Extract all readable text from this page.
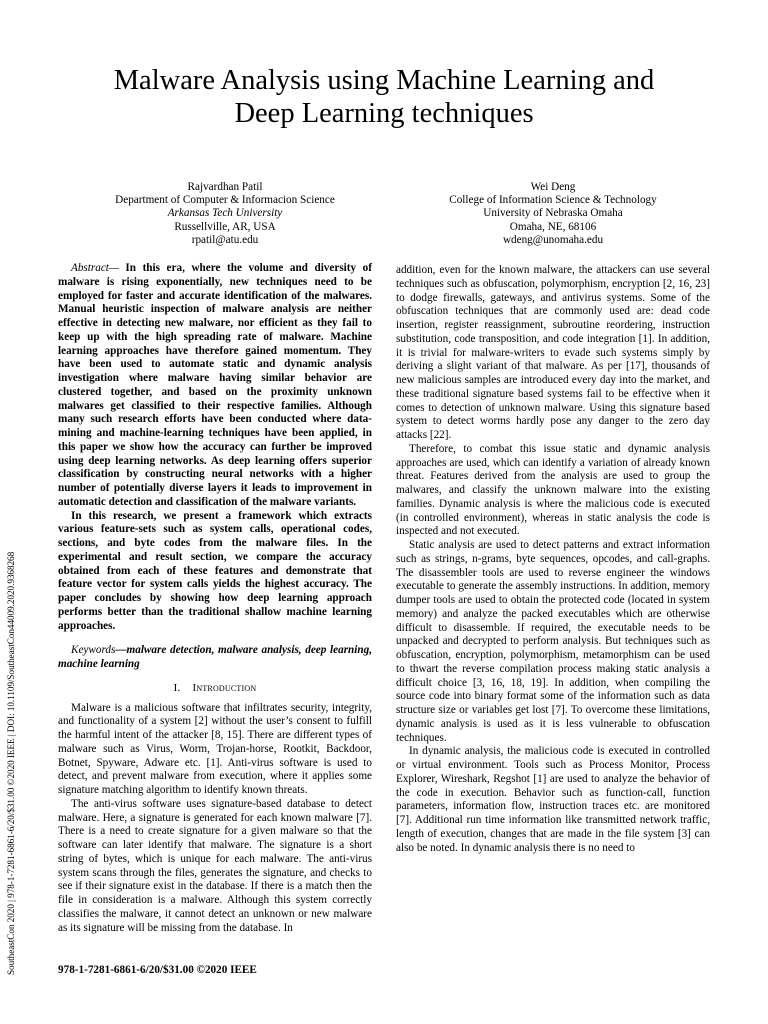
Malware Analysis using Machine Learning and
Deep Learning techniques
Rajvardhan Patil
Department of Computer & Informacion Science
Arkansas Tech University
Russellville, AR, USA
rpatil@atu.edu
Wei Deng
College of Information Science & Technology
University of Nebraska Omaha
Omaha, NE, 68106
wdeng@unomaha.edu
SoutheastCon 2020 | 978-1-7281-6861-6/20/$31.00 ©2020 IEEE | DOI: 10.1109/SoutheastCon44009.2020.9368268

Abstract— In this era, where the volume and diversity of malware is rising exponentially, new techniques need to be employed for faster and accurate identification of the malwares. Manual heuristic inspection of malware analysis are neither effective in detecting new malware, nor efficient as they fail to keep up with the high spreading rate of malware. Machine learning approaches have therefore gained momentum. They have been used to automate static and dynamic analysis investigation where malware having similar behavior are clustered together, and based on the proximity unknown malwares get classified to their respective families. Although many such research efforts have been conducted where data-mining and machine-learning techniques have been applied, in this paper we show how the accuracy can further be improved using deep learning networks. As deep learning offers superior classification by constructing neural networks with a higher number of potentially diverse layers it leads to improvement in automatic detection and classification of the malware variants.

In this research, we present a framework which extracts various feature-sets such as system calls, operational codes, sections, and byte codes from the malware files. In the experimental and result section, we compare the accuracy obtained from each of these features and demonstrate that feature vector for system calls yields the highest accuracy. The paper concludes by showing how deep learning approach performs better than the traditional shallow machine learning approaches.

Keywords—malware detection, malware analysis, deep learning, machine learning

I. Introduction

Malware is a malicious software that infiltrates security, integrity, and functionality of a system [2] without the user’s consent to fulfill the harmful intent of the attacker [8, 15]. There are different types of malware such as Virus, Worm, Trojan-horse, Rootkit, Backdoor, Botnet, Spyware, Adware etc. [1]. Anti-virus software is used to detect, and prevent malware from execution, where it applies some signature matching algorithm to identify known threats.

The anti-virus software uses signature-based database to detect malware. Here, a signature is generated for each known malware [7]. There is a need to create signature for a given malware so that the software can later identify that malware. The signature is a short string of bytes, which is unique for each malware. The anti-virus system scans through the files, generates the signature, and checks to see if their signature exist in the database. If there is a match then the file in consideration is a malware. Although this system correctly classifies the malware, it cannot detect an unknown or new malware as its signature will be missing from the database. In

addition, even for the known malware, the attackers can use several techniques such as obfuscation, polymorphism, encryption [2, 16, 23] to dodge firewalls, gateways, and antivirus systems. Some of the obfuscation techniques that are commonly used are: dead code insertion, register reassignment, subroutine reordering, instruction substitution, code transposition, and code integration [1]. In addition, it is trivial for malware-writers to evade such systems simply by deriving a slight variant of that malware. As per [17], thousands of new malicious samples are introduced every day into the market, and these traditional signature based systems fail to be effective when it comes to detection of unknown malware. Using this signature based system to detect worms hardly pose any danger to the zero day attacks [22].

Therefore, to combat this issue static and dynamic analysis approaches are used, which can identify a variation of already known threat. Features derived from the analysis are used to group the malwares, and classify the unknown malware into the existing families. Dynamic analysis is where the malicious code is executed (in controlled environment), whereas in static analysis the code is inspected and not executed.

Static analysis are used to detect patterns and extract information such as strings, n-grams, byte sequences, opcodes, and call-graphs. The disassembler tools are used to reverse engineer the windows executable to generate the assembly instructions. In addition, memory dumper tools are used to obtain the protected code (located in system memory) and analyze the packed executables which are otherwise difficult to disassemble. If required, the executable needs to be unpacked and decrypted to perform analysis. But techniques such as obfuscation, encryption, polymorphism, metamorphism can be used to thwart the reverse compilation process making static analysis a difficult choice [3, 16, 18, 19]. In addition, when compiling the source code into binary format some of the information such as data structure size or variables get lost [7]. To overcome these limitations, dynamic analysis is used as it is less vulnerable to obfuscation techniques.

In dynamic analysis, the malicious code is executed in controlled or virtual environment. Tools such as Process Monitor, Process Explorer, Wireshark, Regshot [1] are used to analyze the behavior of the code in execution. Behavior such as function-call, function parameters, information flow, instruction traces etc. are monitored [7]. Additional run time information like transmitted network traffic, length of execution, changes that are made in the file system [3] can also be noted. In dynamic analysis there is no need to

978-1-7281-6861-6/20/$31.00 ©2020 IEEE
